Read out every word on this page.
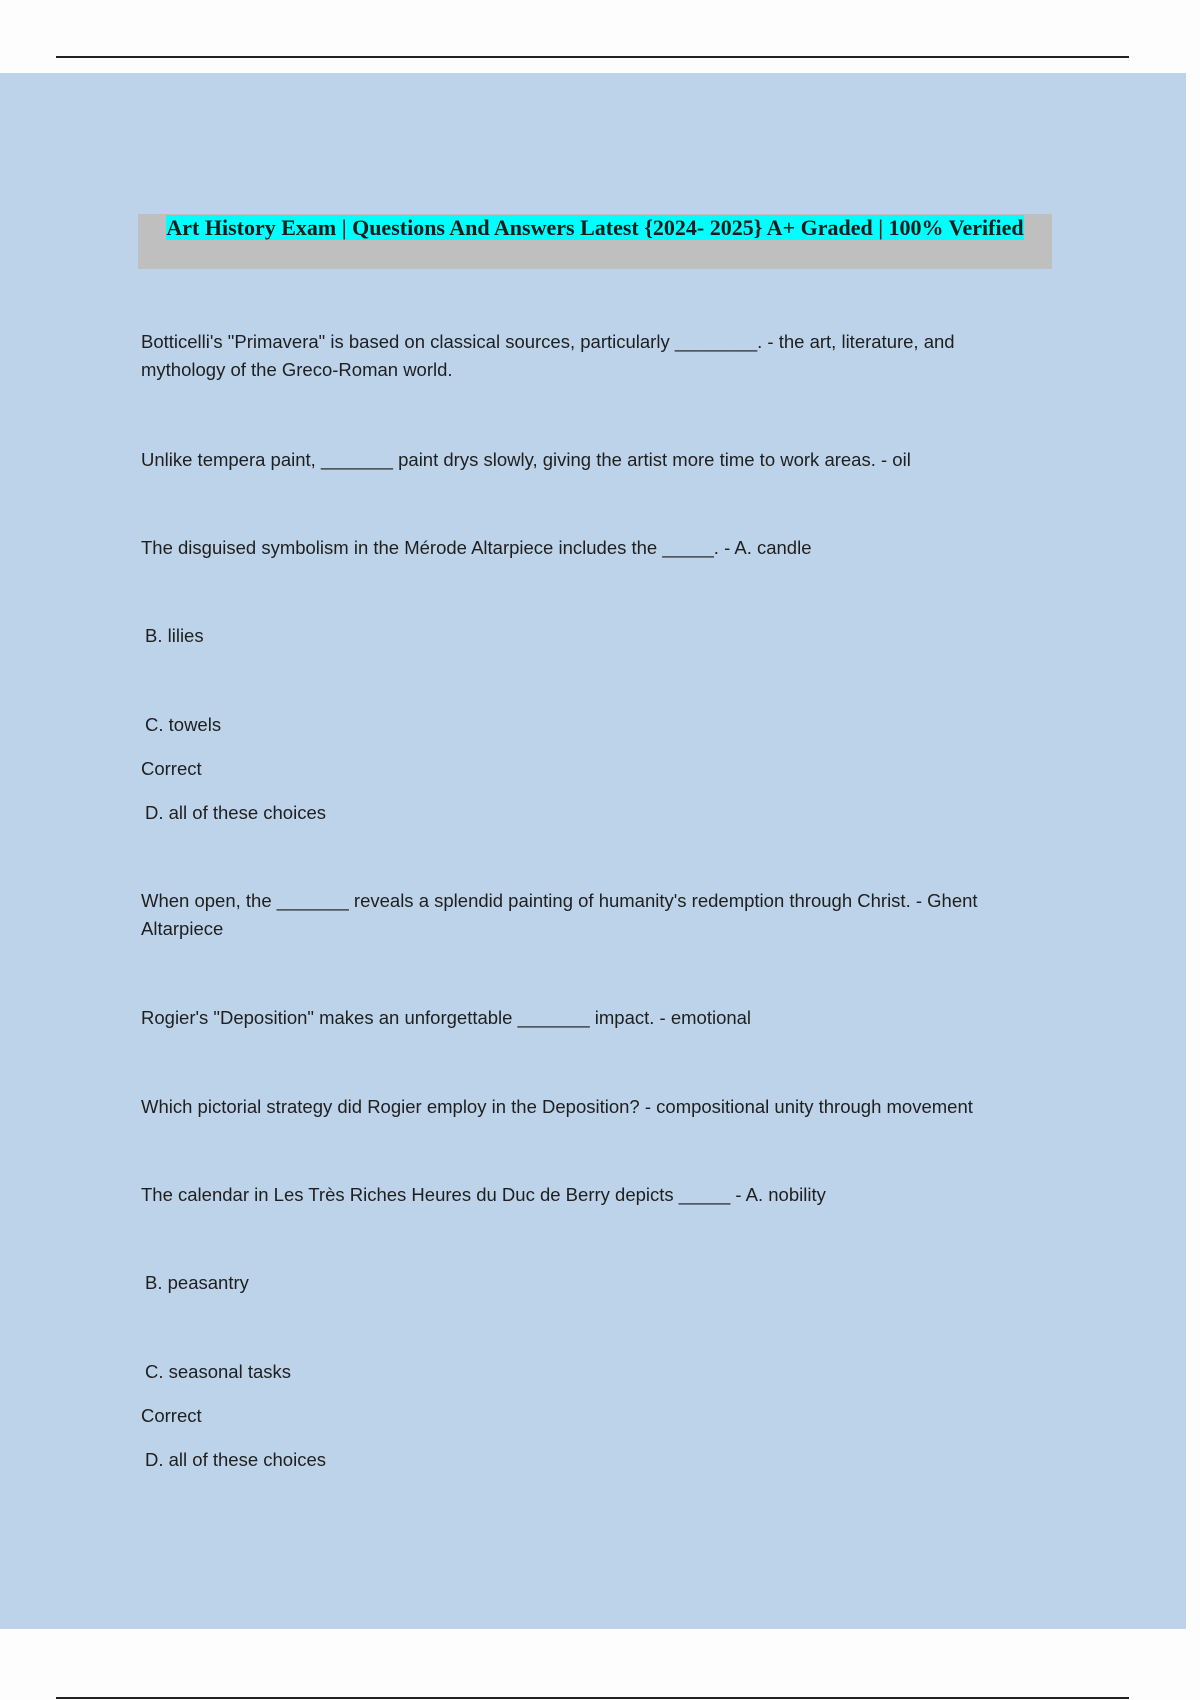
Art History Exam | Questions And Answers Latest {2024- 2025} A+ Graded | 100% Verified

Botticelli's "Primavera" is based on classical sources, particularly ________. - the art, literature, and mythology of the Greco-Roman world.

Unlike tempera paint, _______ paint drys slowly, giving the artist more time to work areas. - oil

The disguised symbolism in the Mérode Altarpiece includes the _____. - A. candle

B. lilies

C. towels

Correct

D. all of these choices

When open, the _______ reveals a splendid painting of humanity's redemption through Christ. - Ghent Altarpiece

Rogier's "Deposition" makes an unforgettable _______ impact. - emotional

Which pictorial strategy did Rogier employ in the Deposition? - compositional unity through movement

The calendar in Les Très Riches Heures du Duc de Berry depicts _____ - A. nobility

B. peasantry

C. seasonal tasks

Correct

D. all of these choices
